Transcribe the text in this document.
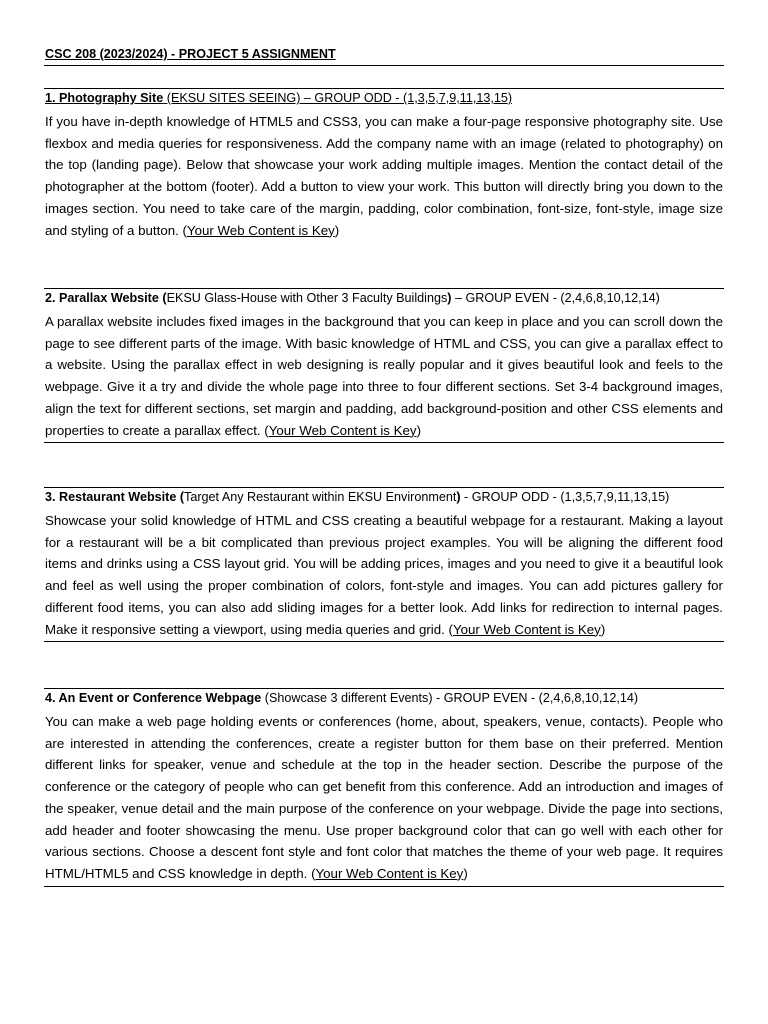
CSC 208 (2023/2024) - PROJECT 5 ASSIGNMENT
1. Photography Site (EKSU SITES SEEING) – GROUP ODD - (1,3,5,7,9,11,13,15)
If you have in-depth knowledge of HTML5 and CSS3, you can make a four-page responsive photography site. Use flexbox and media queries for responsiveness. Add the company name with an image (related to photography) on the top (landing page). Below that showcase your work adding multiple images. Mention the contact detail of the photographer at the bottom (footer). Add a button to view your work. This button will directly bring you down to the images section. You need to take care of the margin, padding, color combination, font-size, font-style, image size and styling of a button. (Your Web Content is Key)
2. Parallax Website (EKSU Glass-House with Other 3 Faculty Buildings) – GROUP EVEN - (2,4,6,8,10,12,14)
A parallax website includes fixed images in the background that you can keep in place and you can scroll down the page to see different parts of the image. With basic knowledge of HTML and CSS, you can give a parallax effect to a website. Using the parallax effect in web designing is really popular and it gives beautiful look and feels to the webpage. Give it a try and divide the whole page into three to four different sections. Set 3-4 background images, align the text for different sections, set margin and padding, add background-position and other CSS elements and properties to create a parallax effect. (Your Web Content is Key)
3. Restaurant Website (Target Any Restaurant within EKSU Environment) - GROUP ODD - (1,3,5,7,9,11,13,15)
Showcase your solid knowledge of HTML and CSS creating a beautiful webpage for a restaurant. Making a layout for a restaurant will be a bit complicated than previous project examples. You will be aligning the different food items and drinks using a CSS layout grid. You will be adding prices, images and you need to give it a beautiful look and feel as well using the proper combination of colors, font-style and images. You can add pictures gallery for different food items, you can also add sliding images for a better look. Add links for redirection to internal pages. Make it responsive setting a viewport, using media queries and grid. (Your Web Content is Key)
4. An Event or Conference Webpage (Showcase 3 different Events) - GROUP EVEN - (2,4,6,8,10,12,14)
You can make a web page holding events or conferences (home, about, speakers, venue, contacts). People who are interested in attending the conferences, create a register button for them base on their preferred. Mention different links for speaker, venue and schedule at the top in the header section. Describe the purpose of the conference or the category of people who can get benefit from this conference. Add an introduction and images of the speaker, venue detail and the main purpose of the conference on your webpage. Divide the page into sections, add header and footer showcasing the menu. Use proper background color that can go well with each other for various sections. Choose a descent font style and font color that matches the theme of your web page. It requires HTML/HTML5 and CSS knowledge in depth. (Your Web Content is Key)
